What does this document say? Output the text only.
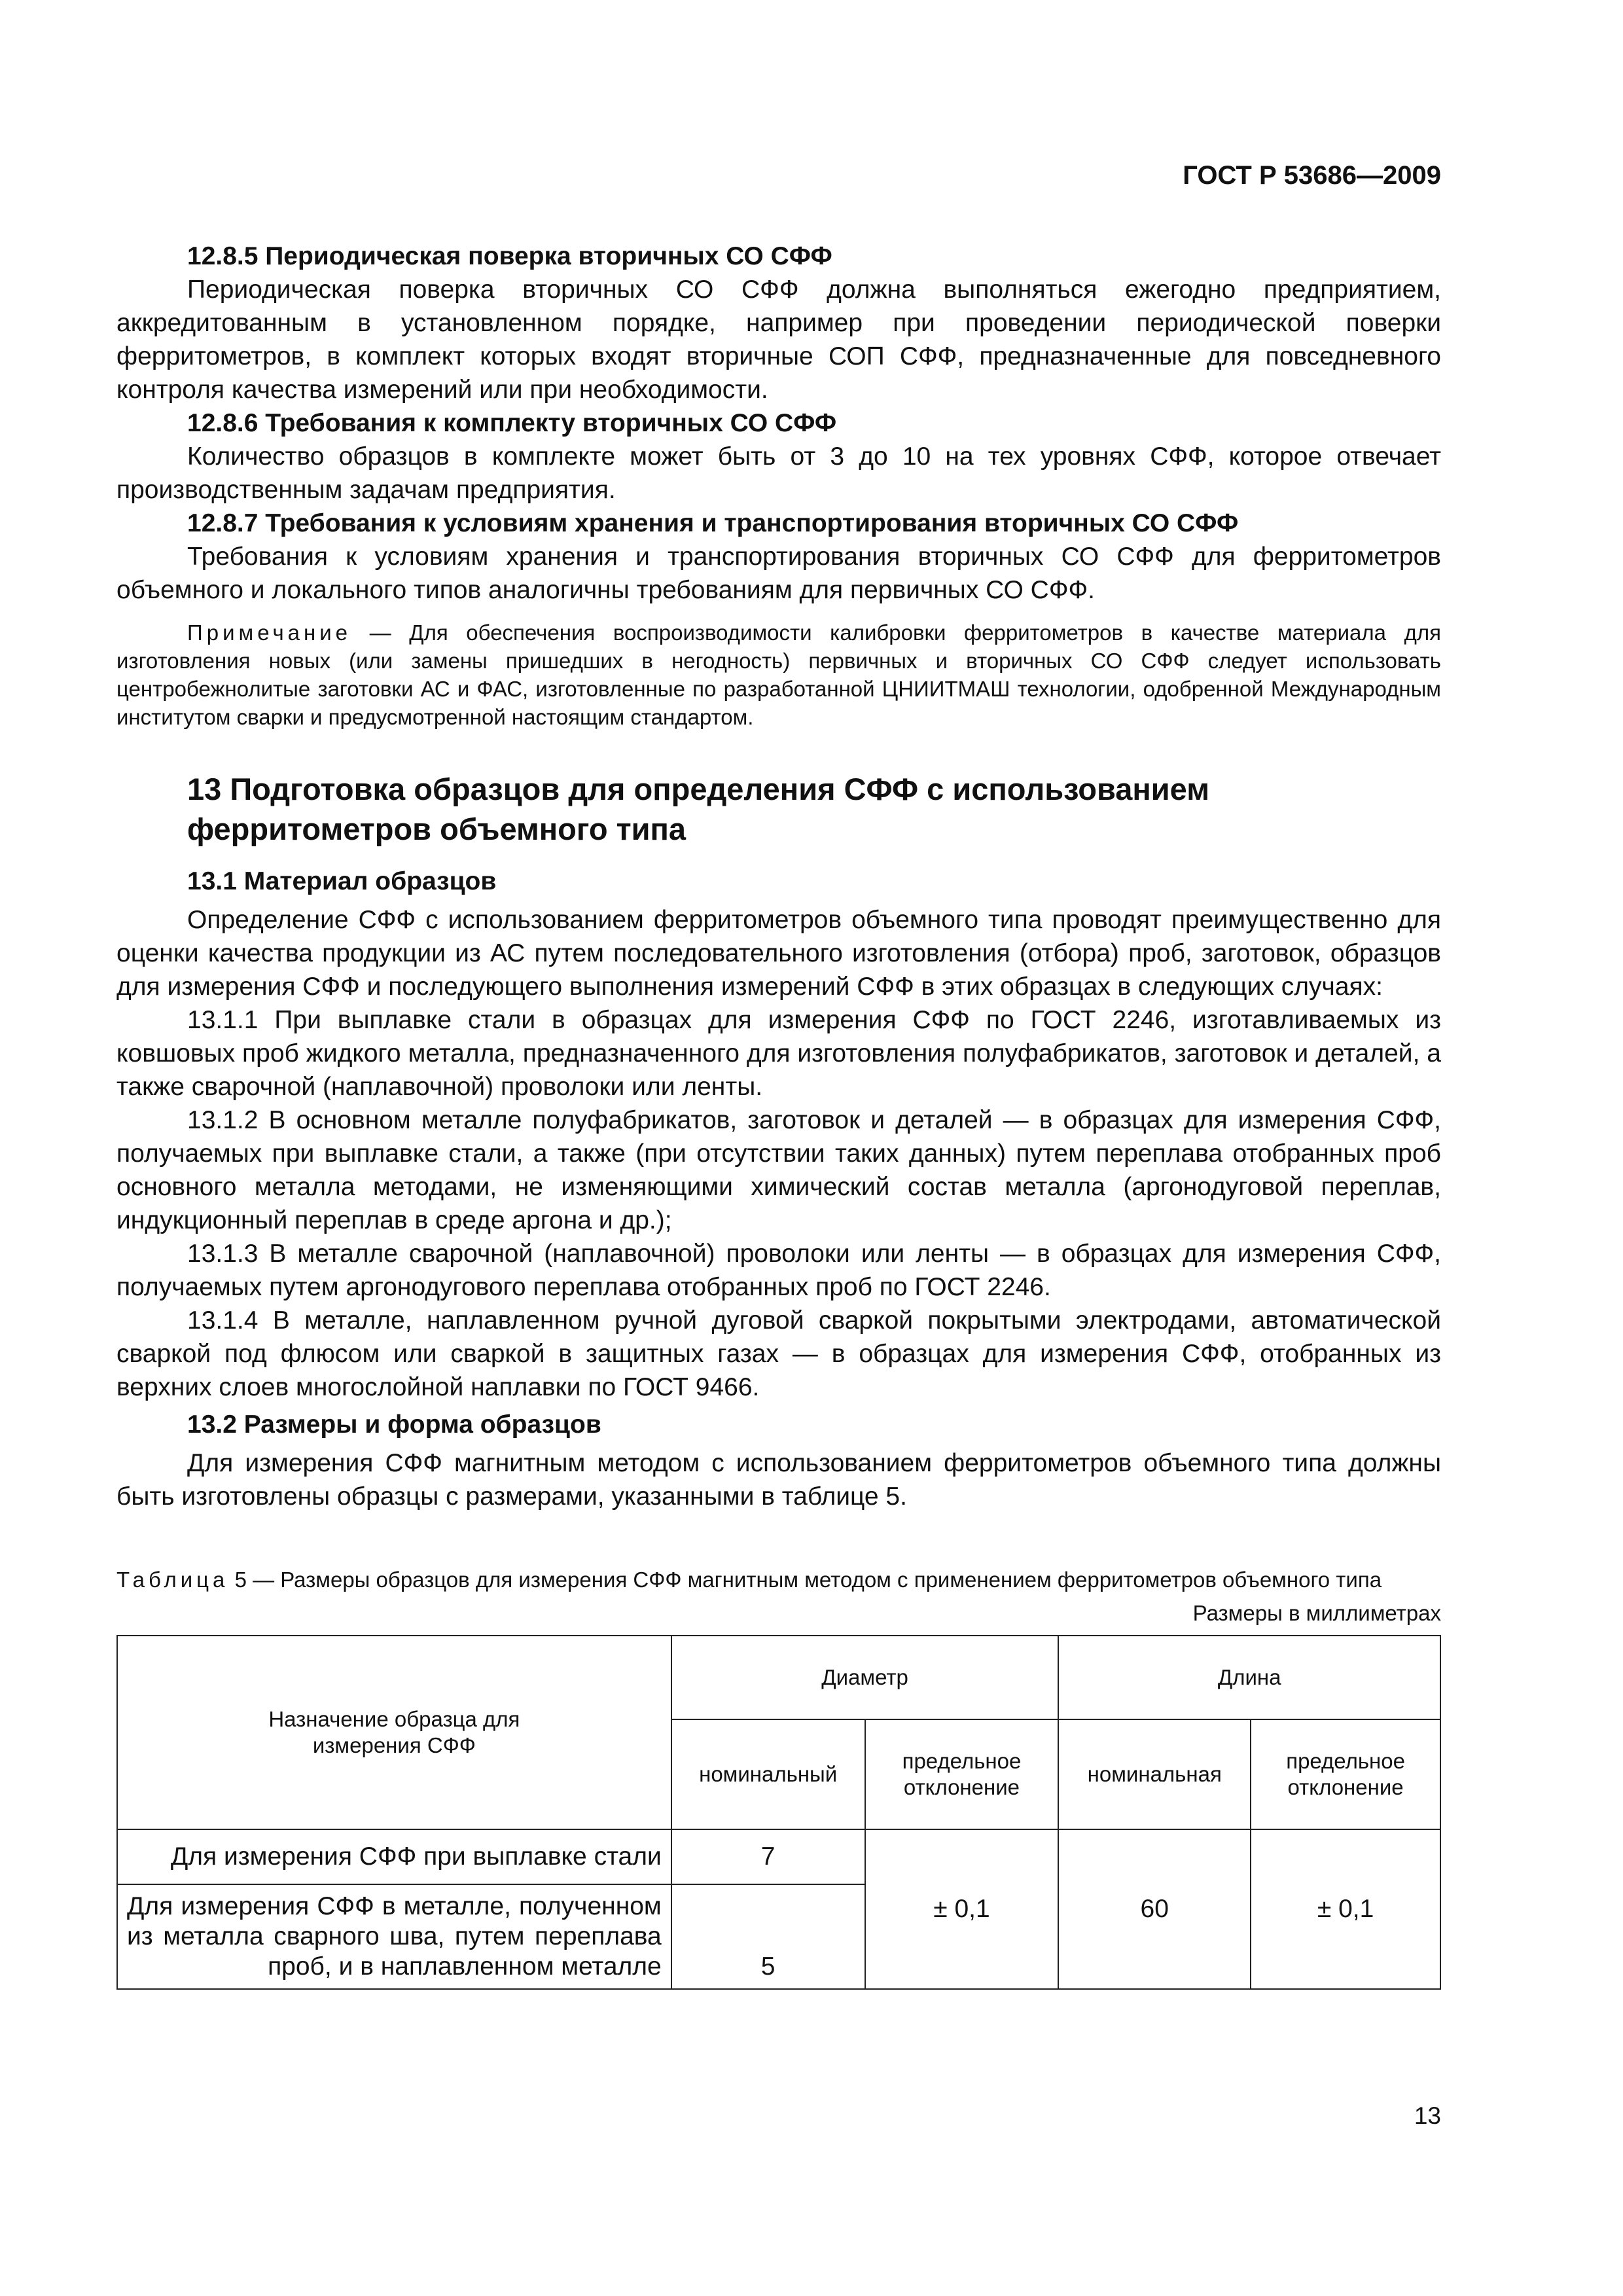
ГОСТ Р 53686—2009

12.8.5 Периодическая поверка вторичных СО СФФ

Периодическая поверка вторичных СО СФФ должна выполняться ежегодно предприятием, аккредитованным в установленном порядке, например при проведении периодической поверки ферритометров, в комплект которых входят вторичные СОП СФФ, предназначенные для повседневного контроля качества измерений или при необходимости.

12.8.6 Требования к комплекту вторичных СО СФФ

Количество образцов в комплекте может быть от 3 до 10 на тех уровнях СФФ, которое отвечает производственным задачам предприятия.

12.8.7 Требования к условиям хранения и транспортирования вторичных СО СФФ

Требования к условиям хранения и транспортирования вторичных СО СФФ для ферритометров объемного и локального типов аналогичны требованиям для первичных СО СФФ.

Примечание — Для обеспечения воспроизводимости калибровки ферритометров в качестве материала для изготовления новых (или замены пришедших в негодность) первичных и вторичных СО СФФ следует использовать центробежнолитые заготовки АС и ФАС, изготовленные по разработанной ЦНИИТМАШ технологии, одобренной Международным институтом сварки и предусмотренной настоящим стандартом.

13 Подготовка образцов для определения СФФ с использованием ферритометров объемного типа

13.1 Материал образцов

Определение СФФ с использованием ферритометров объемного типа проводят преимущественно для оценки качества продукции из АС путем последовательного изготовления (отбора) проб, заготовок, образцов для измерения СФФ и последующего выполнения измерений СФФ в этих образцах в следующих случаях:

13.1.1 При выплавке стали в образцах для измерения СФФ по ГОСТ 2246, изготавливаемых из ковшовых проб жидкого металла, предназначенного для изготовления полуфабрикатов, заготовок и деталей, а также сварочной (наплавочной) проволоки или ленты.

13.1.2 В основном металле полуфабрикатов, заготовок и деталей — в образцах для измерения СФФ, получаемых при выплавке стали, а также (при отсутствии таких данных) путем переплава отобранных проб основного металла методами, не изменяющими химический состав металла (аргонодуговой переплав, индукционный переплав в среде аргона и др.);

13.1.3 В металле сварочной (наплавочной) проволоки или ленты — в образцах для измерения СФФ, получаемых путем аргонодугового переплава отобранных проб по ГОСТ 2246.

13.1.4 В металле, наплавленном ручной дуговой сваркой покрытыми электродами, автоматической сваркой под флюсом или сваркой в защитных газах — в образцах для измерения СФФ, отобранных из верхних слоев многослойной наплавки по ГОСТ 9466.

13.2 Размеры и форма образцов

Для измерения СФФ магнитным методом с использованием ферритометров объемного типа должны быть изготовлены образцы с размерами, указанными в таблице 5.

Таблица 5 — Размеры образцов для измерения СФФ магнитным методом с применением ферритометров объемного типа

Размеры в миллиметрах
Назначение образца для измерения СФФ	Диаметр		Длина	
	номинальный	предельное отклонение	номинальная	предельное отклонение

Для измерения СФФ при выплавке стали	7	± 0,1	60	± 0,1
Для измерения СФФ в металле, полученном из металла сварного шва, путем переплава проб, и в наплавленном металле	5			
13
